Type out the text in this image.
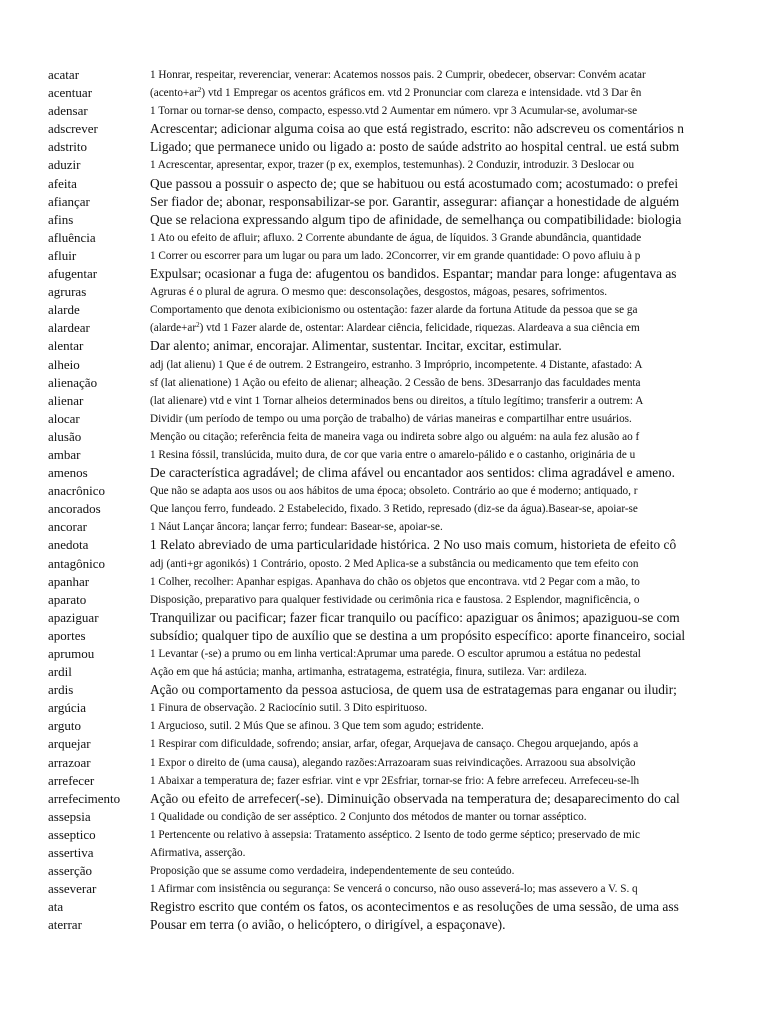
acatar	1 Honrar, respeitar, reverenciar, venerar: Acatemos nossos pais. 2 Cumprir, obedecer, observar: Convém acatar
acentuar	$(acento+ar^2)$ vtd 1 Empregar os acentos gráficos em. vtd 2 Pronunciar com clareza e intensidade. vtd 3 Dar ên
adensar	1 Tornar ou tornar-se denso, compacto, espesso.vtd 2 Aumentar em número. vpr 3 Acumular-se, avolumar-se
adscrever	Acrescentar; adicionar alguma coisa ao que está registrado, escrito: não adscreveu os comentários n
adstrito	Ligado; que permanece unido ou ligado a: posto de saúde adstrito ao hospital central. ue está subm
aduzir	1 Acrescentar, apresentar, expor, trazer (p ex, exemplos, testemunhas). 2 Conduzir, introduzir. 3 Deslocar ou
afeita	Que passou a possuir o aspecto de; que se habituou ou está acostumado com; acostumado: o prefei
afiançar	Ser fiador de; abonar, responsabilizar-se por. Garantir, assegurar: afiançar a honestidade de alguém
afins	Que se relaciona expressando algum tipo de afinidade, de semelhança ou compatibilidade: biologia
afluência	1 Ato ou efeito de afluir; afluxo. 2 Corrente abundante de água, de líquidos. 3 Grande abundância, quantidade
afluir	1 Correr ou escorrer para um lugar ou para um lado. 2Concorrer, vir em grande quantidade: O povo afluiu à p
afugentar	Expulsar; ocasionar a fuga de: afugentou os bandidos. Espantar; mandar para longe: afugentava as
agruras	Agruras é o plural de agrura. O mesmo que: desconsolações, desgostos, mágoas, pesares, sofrimentos.
alarde	Comportamento que denota exibicionismo ou ostentação: fazer alarde da fortuna Atitude da pessoa que se ga
alardear	$(alarde+ar^2)$ vtd 1 Fazer alarde de, ostentar: Alardear ciência, felicidade, riquezas. Alardeava a sua ciência em
alentar	Dar alento; animar, encorajar. Alimentar, sustentar. Incitar, excitar, estimular.
alheio	adj (lat alienu) 1 Que é de outrem. 2 Estrangeiro, estranho. 3 Impróprio, incompetente. 4 Distante, afastado: A
alienação	sf (lat alienatione) 1 Ação ou efeito de alienar; alheação. 2 Cessão de bens. 3Desarranjo das faculdades menta
alienar	(lat alienare) vtd e vint 1 Tornar alheios determinados bens ou direitos, a título legítimo; transferir a outrem: A
alocar	Dividir (um período de tempo ou uma porção de trabalho) de várias maneiras e compartilhar entre usuários.
alusão	Menção ou citação; referência feita de maneira vaga ou indireta sobre algo ou alguém: na aula fez alusão ao f
ambar	1 Resina fóssil, translúcida, muito dura, de cor que varia entre o amarelo-pálido e o castanho, originária de u
amenos	De característica agradável; de clima afável ou encantador aos sentidos: clima agradável e ameno.
anacrônico	Que não se adapta aos usos ou aos hábitos de uma época; obsoleto. Contrário ao que é moderno; antiquado, r
ancorados	Que lançou ferro, fundeado. 2 Estabelecido, fixado. 3 Retido, represado (diz-se da água).Basear-se, apoiar-se
ancorar	1 Náut Lançar âncora; lançar ferro; fundear: Basear-se, apoiar-se.
anedota	1 Relato abreviado de uma particularidade histórica. 2 No uso mais comum, historieta de efeito cô
antagônico	adj (anti+gr agonikós) 1 Contrário, oposto. 2 Med Aplica-se a substância ou medicamento que tem efeito con
apanhar	1 Colher, recolher: Apanhar espigas. Apanhava do chão os objetos que encontrava. vtd 2 Pegar com a mão, to
aparato	Disposição, preparativo para qualquer festividade ou cerimônia rica e faustosa. 2 Esplendor, magnificência, o
apaziguar	Tranquilizar ou pacificar; fazer ficar tranquilo ou pacífico: apaziguar os ânimos; apaziguou-se com
aportes	subsídio; qualquer tipo de auxílio que se destina a um propósito específico: aporte financeiro, social
aprumou	1 Levantar (-se) a prumo ou em linha vertical:Aprumar uma parede. O escultor aprumou a estátua no pedestal
ardil	Ação em que há astúcia; manha, artimanha, estratagema, estratégia, finura, sutileza. Var: ardileza.
ardis	Ação ou comportamento da pessoa astuciosa, de quem usa de estratagemas para enganar ou iludir;
argúcia	1 Finura de observação. 2 Raciocínio sutil. 3 Dito espirituoso.
arguto	1 Argucioso, sutil. 2 Mús Que se afinou. 3 Que tem som agudo; estridente.
arquejar	1 Respirar com dificuldade, sofrendo; ansiar, arfar, ofegar, Arquejava de cansaço. Chegou arquejando, após a
arrazoar	1 Expor o direito de (uma causa), alegando razões:Arrazoaram suas reivindicações. Arrazoou sua absolvição
arrefecer	1 Abaixar a temperatura de; fazer esfriar. vint e vpr 2Esfriar, tornar-se frio: A febre arrefeceu. Arrefeceu-se-lh
arrefecimento	Ação ou efeito de arrefecer(-se). Diminuição observada na temperatura de; desaparecimento do cal
assepsia	1 Qualidade ou condição de ser asséptico. 2 Conjunto dos métodos de manter ou tornar asséptico.
asseptico	1 Pertencente ou relativo à assepsia: Tratamento asséptico. 2 Isento de todo germe séptico; preservado de mic
assertiva	Afirmativa, asserção.
asserção	Proposição que se assume como verdadeira, independentemente de seu conteúdo.
asseverar	1 Afirmar com insistência ou segurança: Se vencerá o concurso, não ouso asseverá-lo; mas assevero a V. S. q
ata	Registro escrito que contém os fatos, os acontecimentos e as resoluções de uma sessão, de uma ass
aterrar	Pousar em terra (o avião, o helicóptero, o dirigível, a espaçonave).
